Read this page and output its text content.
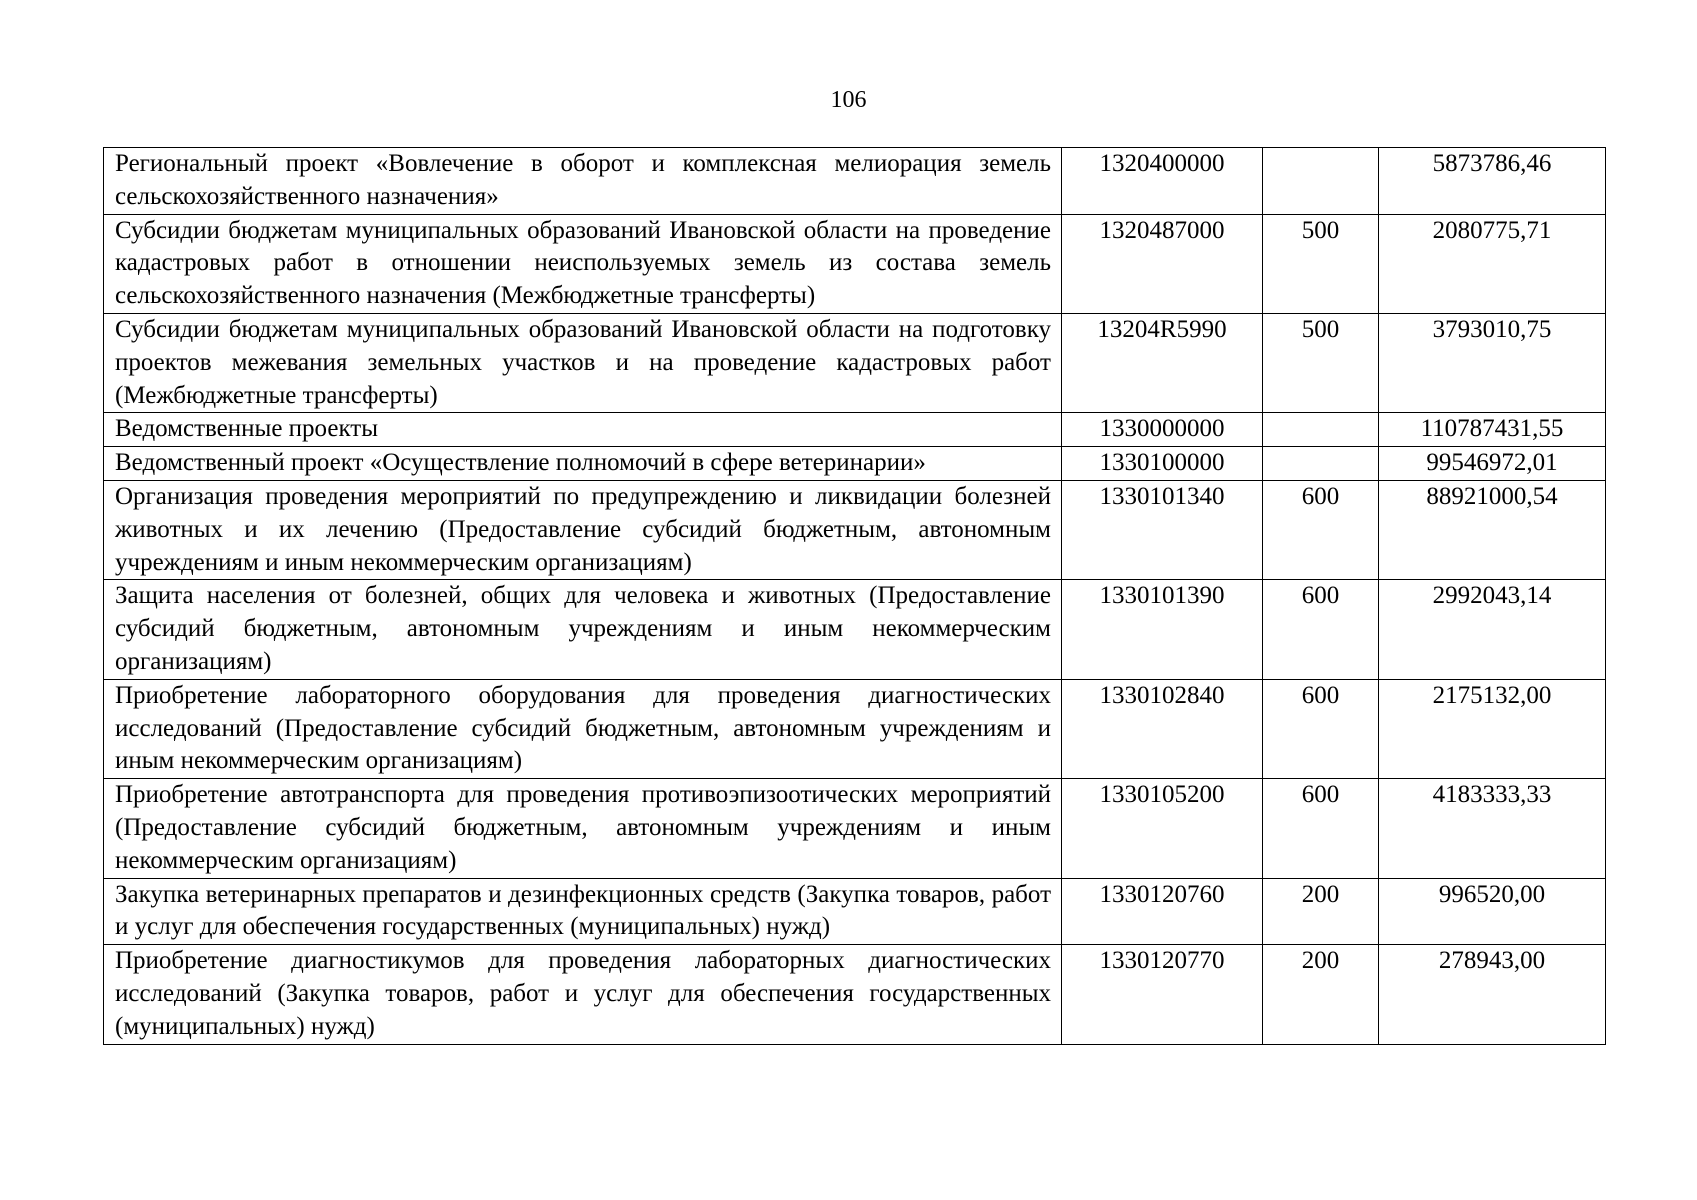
106
Региональный проект «Вовлечение в оборот и комплексная мелиорация земель сельскохозяйственного назначения»	1320400000		5873786,46
Субсидии бюджетам муниципальных образований Ивановской области на проведение кадастровых работ в отношении неиспользуемых земель из состава земель сельскохозяйственного назначения (Межбюджетные трансферты)	1320487000	500	2080775,71
Субсидии бюджетам муниципальных образований Ивановской области на подготовку проектов межевания земельных участков и на проведение кадастровых работ (Межбюджетные трансферты)	13204R5990	500	3793010,75
Ведомственные проекты	1330000000		110787431,55
Ведомственный проект «Осуществление полномочий в сфере ветеринарии»	1330100000		99546972,01
Организация проведения мероприятий по предупреждению и ликвидации болезней животных и их лечению (Предоставление субсидий бюджетным, автономным учреждениям и иным некоммерческим организациям)	1330101340	600	88921000,54
Защита населения от болезней, общих для человека и животных (Предоставление субсидий бюджетным, автономным учреждениям и иным некоммерческим организациям)	1330101390	600	2992043,14
Приобретение лабораторного оборудования для проведения диагностических исследований (Предоставление субсидий бюджетным, автономным учреждениям и иным некоммерческим организациям)	1330102840	600	2175132,00
Приобретение автотранспорта для проведения противоэпизоотических мероприятий (Предоставление субсидий бюджетным, автономным учреждениям и иным некоммерческим организациям)	1330105200	600	4183333,33
Закупка ветеринарных препаратов и дезинфекционных средств (Закупка товаров, работ и услуг для обеспечения государственных (муниципальных) нужд)	1330120760	200	996520,00
Приобретение диагностикумов для проведения лабораторных диагностических исследований (Закупка товаров, работ и услуг для обеспечения государственных (муниципальных) нужд)	1330120770	200	278943,00
